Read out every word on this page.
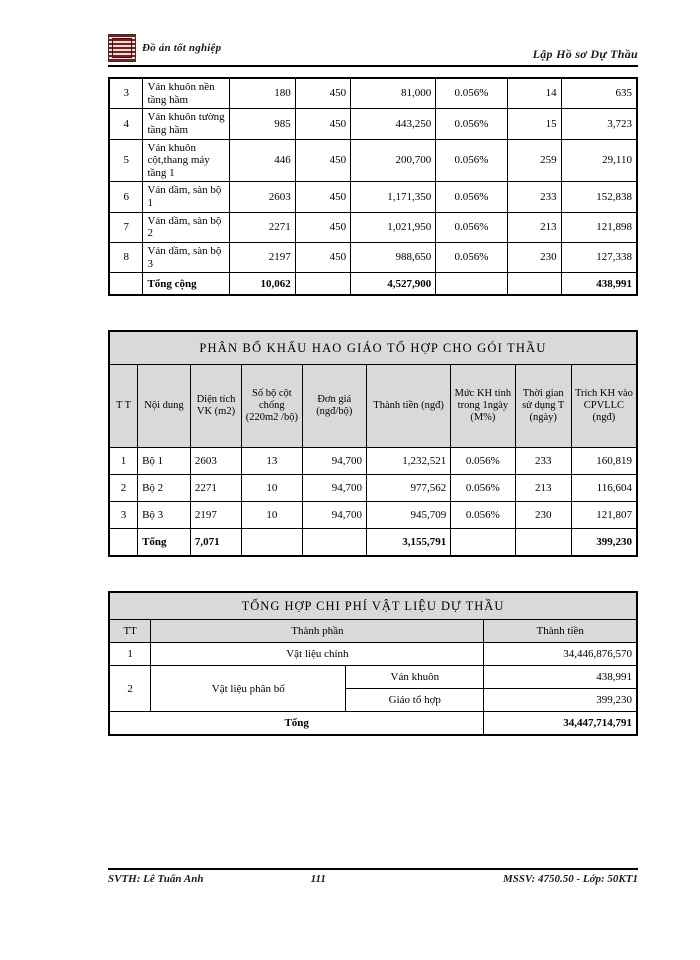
Đồ án tốt nghiệp	Lập Hồ sơ Dự Thầu
3	Ván khuôn nền tầng hầm	180	450	81,000	0.056%	14	635
4	Ván khuôn tường tầng hầm	985	450	443,250	0.056%	15	3,723
5	Ván khuôn cột,thang máy tầng 1	446	450	200,700	0.056%	259	29,110
6	Ván dầm, sàn bộ 1	2603	450	1,171,350	0.056%	233	152,838
7	Ván dầm, sàn bộ 2	2271	450	1,021,950	0.056%	213	121,898
8	Ván dầm, sàn bộ 3	2197	450	988,650	0.056%	230	127,338
	Tổng cộng	10,062		4,527,900			438,991
PHÂN BỔ KHẤU HAO GIÁO TỔ HỢP CHO GÓI THẦU								
T T	Nội dung	Diện tích VK (m2)	Số bộ cột chống (220m2 /bộ)	Đơn giá (ngđ/bộ)	Thành tiền (ngđ)	Mức KH tính trong 1ngày (M%)	Thời gian sử dụng T (ngày)	Trích KH vào CPVLLC (ngđ)
1	Bộ 1	2603	13	94,700	1,232,521	0.056%	233	160,819
2	Bộ 2	2271	10	94,700	977,562	0.056%	213	116,604
3	Bộ 3	2197	10	94,700	945,709	0.056%	230	121,807
	Tổng	7,071			3,155,791			399,230
TỔNG HỢP CHI PHÍ VẬT LIỆU DỰ THẦU			
TT	Thành phần		Thành tiền
1	Vật liệu chính		34,446,876,570
2	Vật liệu phân bổ	Ván khuôn	438,991
		Giáo tổ hợp	399,230
Tổng			34,447,714,791
SVTH: Lê Tuấn Anh	111	MSSV: 4750.50 - Lớp: 50KT1
